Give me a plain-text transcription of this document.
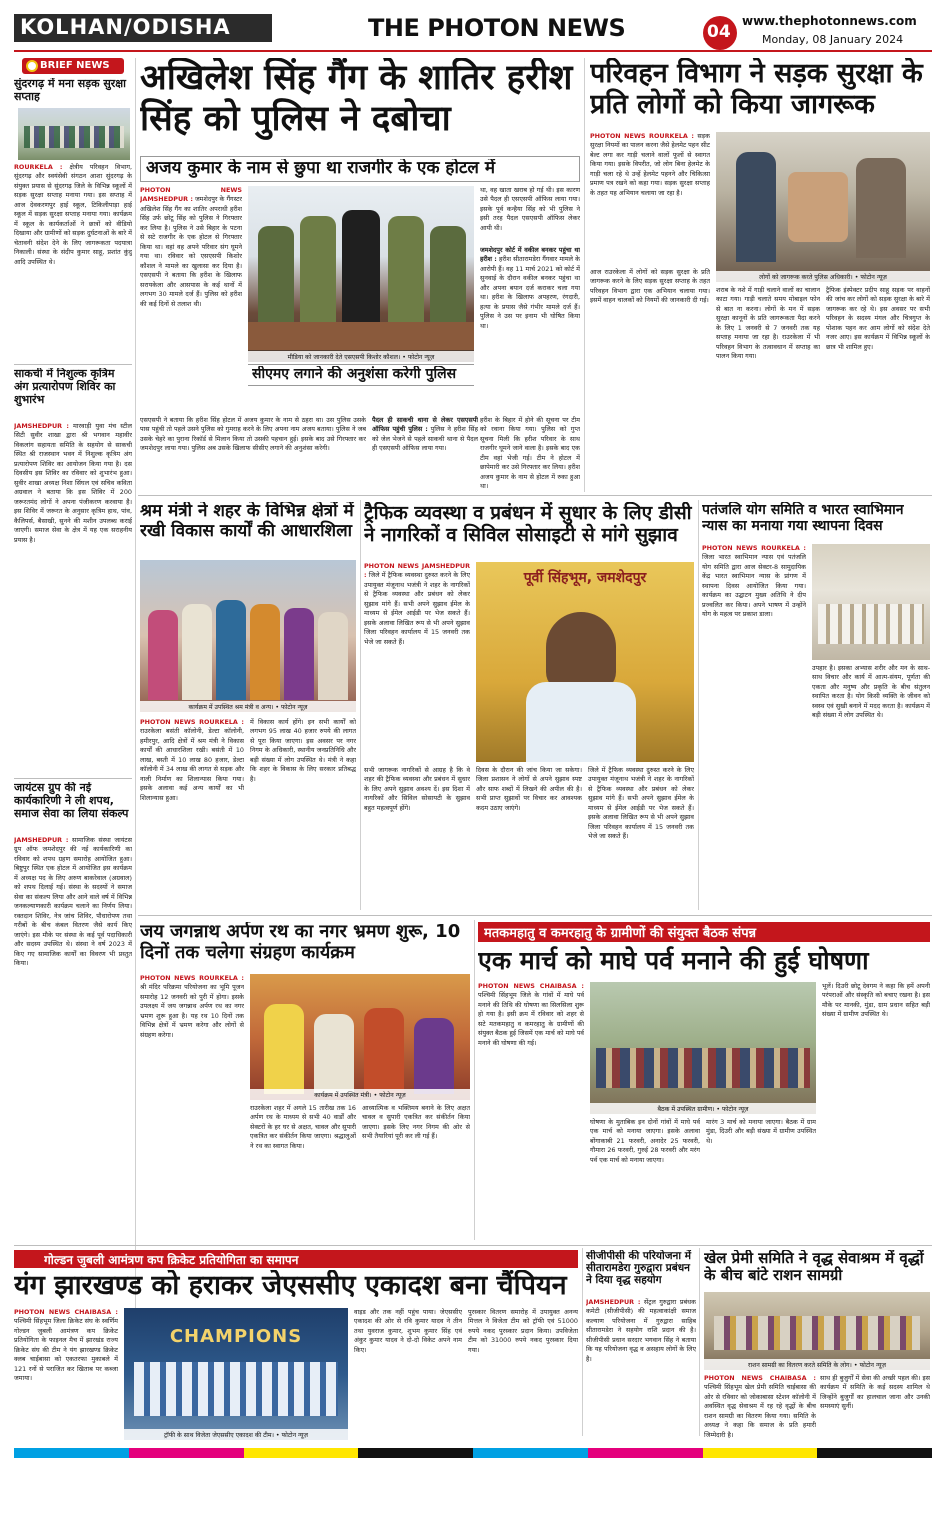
KOLHAN/ODISHA	THE PHOTON NEWS	04
www.thephotonnews.com
Monday, 08 January 2024
BRIEF NEWS
सुंदरगढ़ में मना सड़क सुरक्षा सप्ताह
ROURKELA : क्षेत्रीय परिवहन विभाग, सुंदरगढ़ और स्वयंसेवी संगठन आशा सुंदरगढ़ के संयुक्त प्रयास से सुंदरगढ़ जिले के विभिन्न स्कूलों में सड़क सुरक्षा सप्ताह मनाया गया। इस सप्ताह में आज देवकरणपुर हाई स्कूल, टिकिलीपाड़ा हाई स्कूल में सड़क सुरक्षा सप्ताह मनाया गया। कार्यक्रम में स्कूल के कार्यकर्ताओं ने छात्रों को वीडियो दिखाया और ग्रामीणों को सड़क दुर्घटनाओं के बारे में चेतावनी संदेश देने के लिए जागरूकता पदयात्रा निकाली। संस्था के संदीप कुमार साहू, प्रशांत कुंदु आदि उपस्थित थे।
साकची में निशुल्क कृत्रिम अंग प्रत्यारोपण शिविर का शुभारंभ
JAMSHEDPUR : मारवाड़ी युवा मंच स्टील सिटी सुवीर शाखा द्वारा श्री भगवान महावीर विकलांग सहायता समिति के सहयोग से साकची स्थित श्री राजस्थान भवन में निशुल्क कृत्रिम अंग प्रत्यारोपण शिविर का आयोजन किया गया है। दस दिवसीय इस शिविर का रविवार को शुभारंभ हुआ। सुवीर शाखा अध्यक्ष निशा सिंघल एवं सचिव कविता अग्रवाल ने बताया कि इस शिविर में 200 जरूरतमंद लोगों ने अपना पंजीकरण करवाया है। इस शिविर में जरूरत के अनुसार कृत्रिम हाथ, पांव, कैलिपर्स, बैसाखी, सुनने की मशीन उपलब्ध कराई जाएगी। समाज सेवा के क्षेत्र में यह एक सराहनीय प्रयास है।
जायंटस ग्रुप की नई कार्यकारिणी ने ली शपथ, समाज सेवा का लिया संकल्प
JAMSHEDPUR : सामाजिक संस्था जायंटस ग्रुप ऑफ जमशेदपुर की नई कार्यकारिणी का रविवार को शपथ ग्रहण समारोह आयोजित हुआ। बिष्टुपुर स्थित एक होटल में आयोजित इस कार्यक्रम में अध्यक्ष पद के लिए अरुण बाकरेवाल (अग्रवाल) को शपथ दिलाई गई। संस्था के सदस्यों ने समाज सेवा का संकल्प लिया और आने वाले वर्ष में विभिन्न जनकल्याणकारी कार्यक्रम चलाने का निर्णय लिया। रक्तदान शिविर, नेत्र जांच शिविर, पौधारोपण तथा गरीबों के बीच कंबल वितरण जैसे कार्य किए जाएंगे। इस मौके पर संस्था के कई पूर्व पदाधिकारी और सदस्य उपस्थित थे। संस्था ने वर्ष 2023 में किए गए सामाजिक कार्यों का विवरण भी प्रस्तुत किया।
अखिलेश सिंह गैंग के शातिर हरीश सिंह को पुलिस ने दबोचा
अजय कुमार के नाम से छुपा था राजगीर के एक होटल में
PHOTON NEWS JAMSHEDPUR : जमशेदपुर के गैंगस्टर अखिलेश सिंह गैंग का शातिर अपराधी हरीश सिंह उर्फ छोटू सिंह को पुलिस ने गिरफ्तार कर लिया है। पुलिस ने उसे बिहार के पटना से सटे राजगीर के एक होटल से गिरफ्तार किया था। वहां वह अपने परिवार संग घूमने गया था। रविवार को एसएसपी किशोर कौशल ने मामले का खुलासा कर दिया है। एसएसपी ने बताया कि हरीश के खिलाफ सरायकेला और आसपास के कई थानों में लगभग 30 मामले दर्ज हैं। पुलिस को हरीश की कई दिनों से तलाश थी।
मीडिया को जानकारी देते एसएसपी किशोर कौशल। • फोटोन न्यूज़
था, वह खाता खराब हो गई थी। इस कारण उसे पैदल ही एसएसपी ऑफिस लाया गया। इसके पूर्व कन्हैया सिंह को भी पुलिस ने इसी तरह पैदल एसएसपी ऑफिस लेकर आयी थी।
जमशेदपुर कोर्ट में वकील बनकर पहुंचा था हरीश : हरीश सीतारामडेरा गैंगवार मामले के आरोपी हैं। वह 11 मार्च 2021 को कोर्ट में सुनवाई के दौरान वकील बनकर पहुंचा था और अपना बयान दर्ज कराकर चला गया था। हरीश के खिलाफ अपहरण, रंगदारी, हत्या के प्रयास जैसे गंभीर मामले दर्ज हैं। पुलिस ने उस पर इनाम भी घोषित किया था।
सीएमए लगाने की अनुशंसा करेगी पुलिस
एसएसपी ने बताया कि हरीश सिंह होटल में अजय कुमार के नाम से ठहरा था। उस पुलिस उसके पास पहुंची तो पहले उसने पुलिस को गुमराह करने के लिए अपना नाम अजय बताया। पुलिस ने जब उसके चेहरे का पुराना रिकॉर्ड से मिलान किया तो उसकी पहचान हुई। इसके बाद उसे गिरफ्तार कर जमशेदपुर लाया गया। पुलिस अब उसके खिलाफ सीसीए लगाने की अनुशंसा करेगी।
पैदल ही साकची थाना से लेकर एसएसपी ऑफिस पहुंची पुलिस : पुलिस ने हरीश सिंह को जेल भेजने से पहले साकची थाना से पैदल ही एसएसपी ऑफिस लाया गया।
हरीश के बिहार में होने की सूचना पर टीम को रवाना किया गया। पुलिस को गुप्त सूचना मिली कि हरीश परिवार के साथ राजगीर घूमने जाने वाला है। इसके बाद एक टीम वहां भेजी गई। टीम ने होटल में छापेमारी कर उसे गिरफ्तार कर लिया। हरीश अजय कुमार के नाम से होटल में रुका हुआ था।
परिवहन विभाग ने सड़क सुरक्षा के प्रति लोगों को किया जागरूक
PHOTON NEWS ROURKELA : सड़क सुरक्षा नियमों का पालन करना जैसे हेलमेट पहन सीट बेल्ट लगा कर गाड़ी चलाने वालों फूलों से स्वागत किया गया। इसके विपरीत, जो लोग बिना हेलमेट के गाड़ी चला रहे थे उन्हें हेलमेट पहनने और चिकित्सा प्रमाण पत्र रखने को कहा गया। सड़क सुरक्षा सप्ताह के तहत यह अभियान चलाया जा रहा है।
लोगों को जागरूक करते पुलिस अधिकारी। • फोटोन न्यूज़
आज राउरकेला में लोगों को सड़क सुरक्षा के प्रति जागरूक करने के लिए सड़क सुरक्षा सप्ताह के तहत परिवहन विभाग द्वारा एक अभियान चलाया गया। इसमें वाहन चालकों को नियमों की जानकारी दी गई।
शराब के नशे में गाड़ी चलाने वालों का चालान काटा गया। गाड़ी चलाते समय मोबाइल फोन से बात ना करना। लोगों के मन में सड़क सुरक्षा कानूनों के प्रति जागरूकता पैदा करने के लिए 1 जनवरी से 7 जनवरी तक यह सप्ताह मनाया जा रहा है। राउरकेला में भी परिवहन विभाग के तत्वावधान में सप्ताह का पालन किया गया।
ट्रैफिक इंस्पेक्टर प्रदीप साहू सड़क पर वाहनों की जांच कर लोगों को सड़क सुरक्षा के बारे में जागरूक कर रहे थे। इस अवसर पर सभी परिवहन के सदस्य मंगल और चित्रगुप्त के पोशाक पहन कर आम लोगों को संदेश देते नजर आए। इस कार्यक्रम में विभिन्न स्कूलों के छात्र भी शामिल हुए।
श्रम मंत्री ने शहर के विभिन्न क्षेत्रों में रखी विकास कार्यों की आधारशिला
कार्यक्रम में उपस्थित श्रम मंत्री व अन्य। • फोटोन न्यूज़
PHOTON NEWS ROURKELA : राउरकेला बसंती कॉलोनी, डेल्टा कॉलोनी, हमीरपुर, आदि क्षेत्रों में श्रम मंत्री ने विकास कार्यों की आधारशिला रखी। बसंती में 10 लाख, बस्ती में 10 लाख 80 हजार, डेल्टा कॉलोनी में 34 लाख की लागत से सड़क और नाली निर्माण का शिलान्यास किया गया। इसके अलावा कई अन्य कार्यों का भी शिलान्यास हुआ।
में विकास कार्य होंगे। इन सभी कार्यों को लगभग 95 लाख 40 हजार रुपये की लागत से पूरा किया जाएगा। इस अवसर पर नगर निगम के अधिकारी, स्थानीय जनप्रतिनिधि और बड़ी संख्या में लोग उपस्थित थे। मंत्री ने कहा कि शहर के विकास के लिए सरकार प्रतिबद्ध है।
ट्रैफिक व्यवस्था व प्रबंधन में सुधार के लिए डीसी ने नागरिकों व सिविल सोसाइटी से मांगे सुझाव
PHOTON NEWS JAMSHEDPUR : जिले में ट्रैफिक व्यवस्था दुरुस्त करने के लिए उपायुक्त मंजूनाथ भजंत्री ने शहर के नागरिकों से ट्रैफिक व्यवस्था और प्रबंधन को लेकर सुझाव मांगे हैं। सभी अपने सुझाव ईमेल के माध्यम से ईमेल आईडी पर भेज सकते हैं। इसके अलावा लिखित रूप से भी अपने सुझाव जिला परिवहन कार्यालय में 15 जनवरी तक भेजे जा सकते हैं।
पूर्वी सिंहभूम, जमशेदपुर
सभी जागरूक नागरिकों से आग्रह है कि वे शहर की ट्रैफिक व्यवस्था और प्रबंधन में सुधार के लिए अपने सुझाव अवश्य दें। इस दिशा में नागरिकों और सिविल सोसायटी के सुझाव बहुत महत्वपूर्ण होंगे।
दिवस के दौरान की जांच किया जा सकेगा। जिला प्रशासन ने लोगों से अपने सुझाव स्पष्ट और साफ शब्दों में लिखने की अपील की है। सभी प्राप्त सुझावों पर विचार कर आवश्यक कदम उठाए जाएंगे।
जिले में ट्रैफिक व्यवस्था दुरुस्त करने के लिए उपायुक्त मंजूनाथ भजंत्री ने शहर के नागरिकों से ट्रैफिक व्यवस्था और प्रबंधन को लेकर सुझाव मांगे हैं। सभी अपने सुझाव ईमेल के माध्यम से ईमेल आईडी पर भेज सकते हैं। इसके अलावा लिखित रूप से भी अपने सुझाव जिला परिवहन कार्यालय में 15 जनवरी तक भेजे जा सकते हैं।
पतंजलि योग समिति व भारत स्वाभिमान न्यास का मनाया गया स्थापना दिवस
PHOTON NEWS ROURKELA : जिला भारत स्वाभिमान न्यास एवं पतंजलि योग समिति द्वारा आज सेक्टर-8 सामुदायिक केंद्र भारत स्वाभिमान न्यास के प्रांगण में स्थापना दिवस आयोजित किया गया। कार्यक्रम का उद्घाटन मुख्य अतिथि ने दीप प्रज्वलित कर किया। अपने भाषण में उन्होंने योग के महत्व पर प्रकाश डाला।
उपहार है। इसका अभ्यास शरीर और मन के साथ-साथ विचार और कार्य में आत्म-संयम, पूर्णता की एकता और मनुष्य और प्रकृति के बीच संतुलन स्थापित करता है। योग किसी व्यक्ति के जीवन को स्वस्थ एवं सुखी बनाने में मदद करता है। कार्यक्रम में बड़ी संख्या में लोग उपस्थित थे।
जय जगन्नाथ अर्पण रथ का नगर भ्रमण शुरू, 10 दिनों तक चलेगा संग्रहण कार्यक्रम
PHOTON NEWS ROURKELA : श्री मंदिर परिक्रमा परियोजना का भूमि पूजन समारोह 12 जनवरी को पुरी में होगा। इसके उपलक्ष्य में जय जगन्नाथ अर्पण रथ का नगर भ्रमण शुरू हुआ है। यह रथ 10 दिनों तक विभिन्न क्षेत्रों में भ्रमण करेगा और लोगों से संग्रहण करेगा।
कार्यक्रम में उपस्थित मंत्री। • फोटोन न्यूज़
राउरकेला शहर में अगले 15 तारीख तक 16 अर्पण रथ के माध्यम से सभी 40 वार्डों और सेक्टरों के हर घर से अक्षत, चावल और सुपारी एकत्रित कर संकीर्तन किया जाएगा। श्रद्धालुओं ने रथ का स्वागत किया।
आध्यात्मिक व भक्तिमय बनाने के लिए अक्षत चावल व सुपारी एकत्रित कर संकीर्तन किया जाएगा। इसके लिए नगर निगम की ओर से सभी तैयारियां पूरी कर ली गई हैं।
मतकमहातु व कमरहातु के ग्रामीणों की संयुक्त बैठक संपन्न
एक मार्च को माघे पर्व मनाने की हुई घोषणा
PHOTON NEWS CHAIBASA : पश्चिमी सिंहभूम जिले के गांवों में माघे पर्व मनाने की तिथि की घोषणा का सिलसिला शुरू हो गया है। इसी क्रम में रविवार को शहर से सटे मतकमहातु व कमरहातु के ग्रामीणों की संयुक्त बैठक हुई जिसमें एक मार्च को माघे पर्व मनाने की घोषणा की गई।
बैठक में उपस्थित ग्रामीण। • फोटोन न्यूज़
घोषणा के मुताबिक इन दोनों गांवों में माघे पर्व एक मार्च को मनाया जाएगा। इसके अलावा बोंगाकाबी 21 फरवरी, अनादेर 25 फरवरी, गौमारा 26 फरवरी, गुरुई 28 फरवरी और मरंग पर्व एक मार्च को मनाया जाएगा।
मारंग 3 मार्च को मनाया जाएगा। बैठक में ग्राम मुंडा, दिउरी और बड़ी संख्या में ग्रामीण उपस्थित थे।
भूलें। दिउरी छोटू देवगम ने कहा कि हमें अपनी परंपराओं और संस्कृति को बचाए रखना है। इस मौके पर मानकी, मुंडा, ग्राम प्रधान सहित बड़ी संख्या में ग्रामीण उपस्थित थे।
गोल्डन जुबली आमंत्रण कप क्रिकेट प्रतियोगिता का समापन
यंग झारखण्ड को हराकर जेएससीए एकादश बना चैंपियन
PHOTON NEWS CHAIBASA : पश्चिमी सिंहभूम जिला क्रिकेट संघ के स्वर्णिम गोल्डन जुबली आमंत्रण कप क्रिकेट प्रतियोगिता के फाइनल मैच में झारखंड राज्य क्रिकेट संघ की टीम ने यंग झारखण्ड क्रिकेट क्लब चाईबासा को एकतरफा मुकाबले में 121 रनों से पराजित कर खिताब पर कब्जा जमाया।
CHAMPIONS
ट्रॉफी के साथ विजेता जेएससीए एकादश की टीम। • फोटोन न्यूज़
वाइड और तक नहीं पहुंच पाया। जेएससीए एकादश की ओर से रवि कुमार यादव ने तीन तथा युवराज कुमार, शुभम कुमार सिंह एवं अंकुर कुमार यादव ने दो-दो विकेट अपने नाम किए।
पुरस्कार वितरण समारोह में उपायुक्त अनन्य मित्तल ने विजेता टीम को ट्रॉफी एवं 51000 रुपये नकद पुरस्कार प्रदान किया। उपविजेता टीम को 31000 रुपये नकद पुरस्कार दिया गया।
सीजीपीसी की परियोजना में सीतारामडेरा गुरुद्वारा प्रबंधन ने दिया वृद्ध सहयोग
JAMSHEDPUR : सेंट्रल गुरुद्वारा प्रबंधक कमेटी (सीजीपीसी) की महत्वाकांक्षी समाज कल्याण परियोजना में गुरुद्वारा साहिब सीतारामडेरा ने सहयोग राशि प्रदान की है। सीजीपीसी प्रधान सरदार भगवान सिंह ने बताया कि यह परियोजना वृद्ध व असहाय लोगों के लिए है।
खेल प्रेमी समिति ने वृद्ध सेवाश्रम में वृद्धों के बीच बांटे राशन सामग्री
राशन सामग्री का वितरण करते समिति के लोग। • फोटोन न्यूज़
PHOTON NEWS CHAIBASA : पश्चिमी सिंहभूम खेल प्रेमी समिति चाईबासा की ओर से रविवार को जोकाबासा स्टेशन कॉलोनी में अवस्थित वृद्ध सेवाश्रम में रह रहे वृद्धों के बीच राशन सामग्री का वितरण किया गया। समिति के अध्यक्ष ने कहा कि समाज के प्रति हमारी जिम्मेदारी है।
साथ ही बुजुर्गों में सेवा की अच्छी पहल की। इस कार्यक्रम में समिति के कई सदस्य शामिल थे जिन्होंने बुजुर्गों का हालचाल जाना और उनकी समस्याएं सुनीं।
